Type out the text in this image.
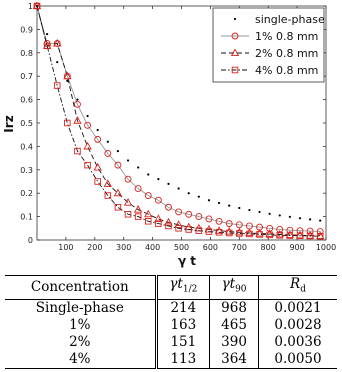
0
0.1
0.2
0.3
0.4
0.5
0.6
0.7
0.8
0.9
1
100 200 300 400 500 600 700 800 900 1000
single-phase
1% 0.8 mm
2% 0.8 mm
4% 0.8 mm
γ t
Irz
Concentration	$\gamma t_{1/2}$	$\gamma t_{90}$	$R_d$
Single-phase	214	968	0.0021
1%	163	465	0.0028
2%	151	390	0.0036
4%	113	364	0.0050
